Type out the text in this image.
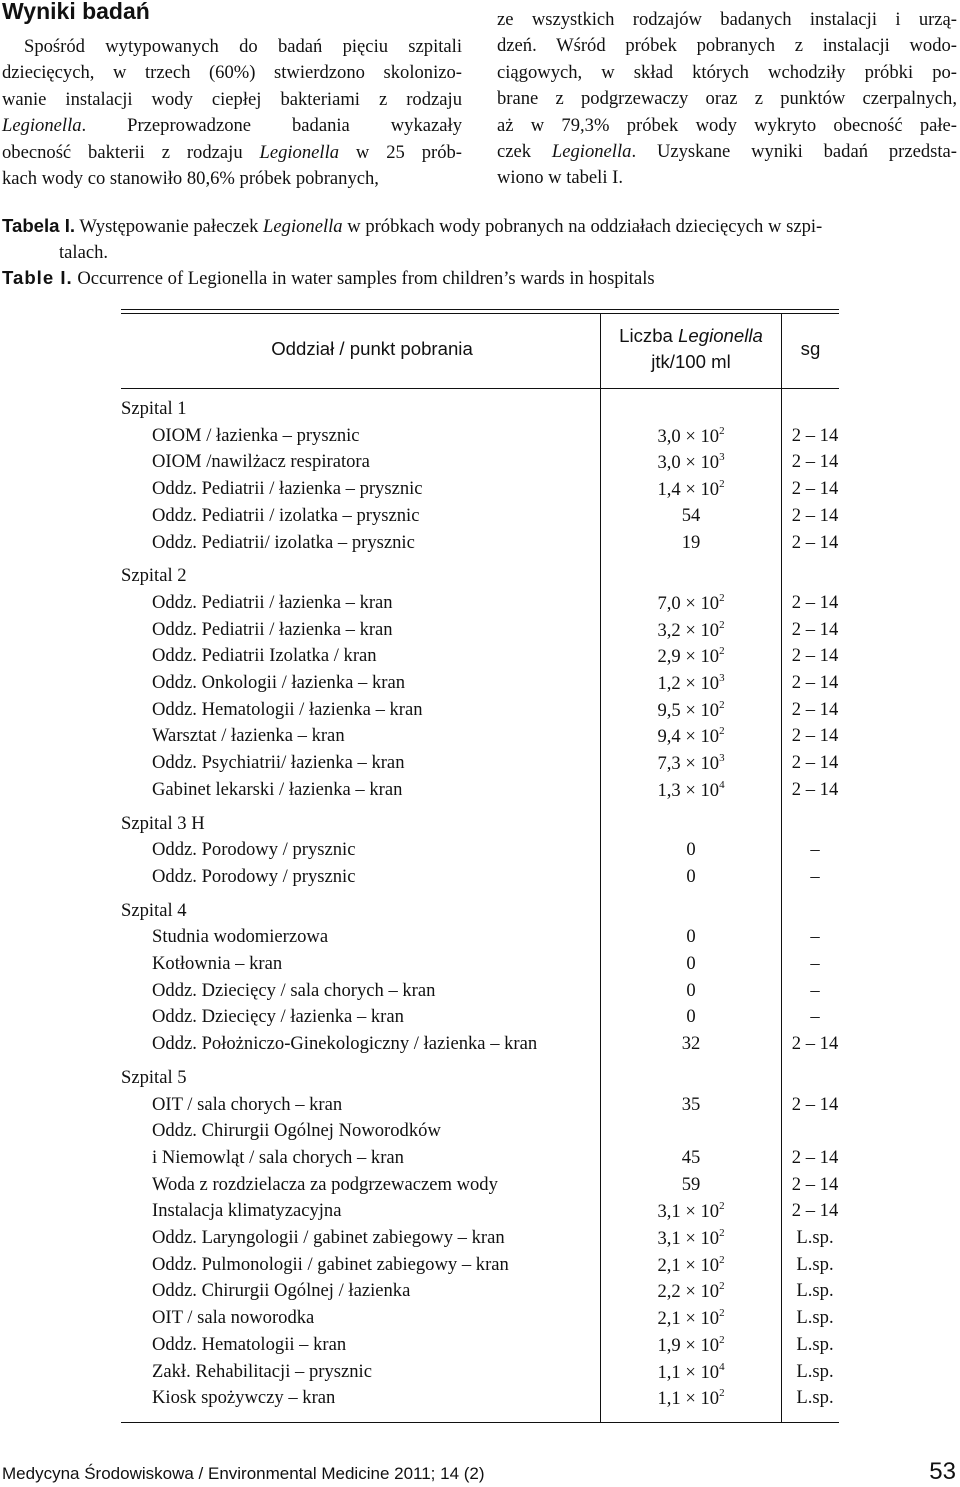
Wyniki badań
Spośród wytypowanych do badań pięciu szpitali
dziecięcych, w trzech (60%) stwierdzono skolonizo-
wanie instalacji wody ciepłej bakteriami z rodzaju
Legionella. Przeprowadzone badania wykazały
obecność bakterii z rodzaju Legionella w 25 prób-
kach wody co stanowiło 80,6% próbek pobranych,
ze wszystkich rodzajów badanych instalacji i urzą-
dzeń. Wśród próbek pobranych z instalacji wodo-
ciągowych, w skład których wchodziły próbki po-
brane z podgrzewaczy oraz z punktów czerpalnych,
aż w 79,3% próbek wody wykryto obecność pałe-
czek Legionella. Uzyskane wyniki badań przedsta-
wiono w tabeli I.
Tabela I. Występowanie pałeczek Legionella w próbkach wody pobranych na oddziałach dziecięcych w szpi-
talach.
Table I. Occurrence of Legionella in water samples from children’s wards in hospitals
Oddział / punkt pobrania
Liczba Legionella
jtk/100 ml
sg
Szpital 1
OIOM / łazienka – prysznic	$3,0 \times 10^2$	2 – 14
OIOM /nawilżacz respiratora	$3,0 \times 10^3$	2 – 14
Oddz. Pediatrii / łazienka – prysznic	$1,4 \times 10^2$	2 – 14
Oddz. Pediatrii / izolatka – prysznic	54	2 – 14
Oddz. Pediatrii/ izolatka – prysznic	19	2 – 14
Szpital 2
Oddz. Pediatrii / łazienka – kran	$7,0 \times 10^2$	2 – 14
Oddz. Pediatrii / łazienka – kran	$3,2 \times 10^2$	2 – 14
Oddz. Pediatrii Izolatka / kran	$2,9 \times 10^2$	2 – 14
Oddz. Onkologii / łazienka – kran	$1,2 \times 10^3$	2 – 14
Oddz. Hematologii / łazienka – kran	$9,5 \times 10^2$	2 – 14
Warsztat / łazienka – kran	$9,4 \times 10^2$	2 – 14
Oddz. Psychiatrii/ łazienka – kran	$7,3 \times 10^3$	2 – 14
Gabinet lekarski / łazienka – kran	$1,3 \times 10^4$	2 – 14
Szpital 3 H
Oddz. Porodowy / prysznic	0	–
Oddz. Porodowy / prysznic	0	–
Szpital 4
Studnia wodomierzowa	0	–
Kotłownia – kran	0	–
Oddz. Dziecięcy / sala chorych – kran	0	–
Oddz. Dziecięcy / łazienka – kran	0	–
Oddz. Położniczo-Ginekologiczny / łazienka – kran	32	2 – 14
Szpital 5
OIT / sala chorych – kran	35	2 – 14
Oddz. Chirurgii Ogólnej Noworodków
i Niemowląt / sala chorych – kran	45	2 – 14
Woda z rozdzielacza za podgrzewaczem wody	59	2 – 14
Instalacja klimatyzacyjna	$3,1 \times 10^2$	2 – 14
Oddz. Laryngologii / gabinet zabiegowy – kran	$3,1 \times 10^2$	L.sp.
Oddz. Pulmonologii / gabinet zabiegowy – kran	$2,1 \times 10^2$	L.sp.
Oddz. Chirurgii Ogólnej / łazienka	$2,2 \times 10^2$	L.sp.
OIT / sala noworodka	$2,1 \times 10^2$	L.sp.
Oddz. Hematologii – kran	$1,9 \times 10^2$	L.sp.
Zakł. Rehabilitacji – prysznic	$1,1 \times 10^4$	L.sp.
Kiosk spożywczy – kran	$1,1 \times 10^2$	L.sp.
Medycyna Środowiskowa / Environmental Medicine 2011; 14 (2)	53
